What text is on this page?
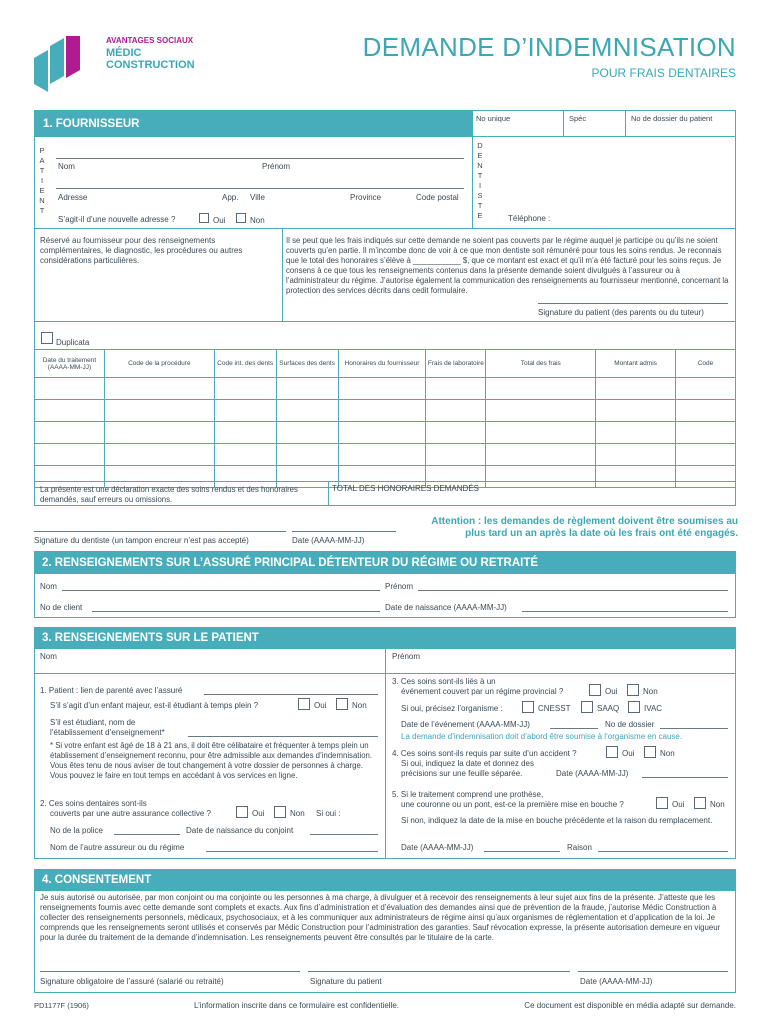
AVANTAGES SOCIAUX
MÉDIC
CONSTRUCTION
DEMANDE D’INDEMNISATION
POUR FRAIS DENTAIRES
1. FOURNISSEUR	No unique	Spéc	No de dossier du patient
P
A
T
I
E
N
T
Nom	Prénom
Adresse	App. Ville	Province	Code postal
S’agit-il d’une nouvelle adresse ?	Oui	Non
D
E
N
T
I
S
T
E	Téléphone :
Réservé au fournisseur pour des renseignements complémentaires, le diagnostic, les procédures ou autres considérations particulières.
Il se peut que les frais indiqués sur cette demande ne soient pas couverts par le régime auquel je participe ou qu’ils ne soient couverts qu’en partie. Il m’incombe donc de voir à ce que mon dentiste soit rémunéré pour tous les soins rendus. Je reconnais que le total des honoraires s’élève à ___________ $, que ce montant est exact et qu’il m’a été facturé pour les soins reçus. Je consens à ce que tous les renseignements contenus dans la présente demande soient divulgués à l’assureur ou à l’administrateur du régime. J’autorise également la communication des renseignements au fournisseur mentionné, concernant la protection des services décrits dans cedit formulaire.
Signature du patient (des parents ou du tuteur)
Duplicata
Date du traitement (AAAA-MM-JJ)	Code de la procédure	Code int. des dents	Surfaces des dents	Honoraires du fournisseur	Frais de laboratoire	Total des frais	Montant admis	Code

La présente est une déclaration exacte des soins rendus et des honoraires demandés, sauf erreurs ou omissions.
TOTAL DES HONORAIRES DEMANDÉS
Signature du dentiste (un tampon encreur n’est pas accepté)	Date (AAAA-MM-JJ)
Attention : les demandes de règlement doivent être soumises au plus tard un an après la date où les frais ont été engagés.
2. RENSEIGNEMENTS SUR L’ASSURÉ PRINCIPAL DÉTENTEUR DU RÉGIME OU RETRAITÉ
Nom	Prénom
No de client	Date de naissance (AAAA-MM-JJ)
3. RENSEIGNEMENTS SUR LE PATIENT
Nom	Prénom
1. Patient : lien de parenté avec l’assuré
S’il s’agit d’un enfant majeur, est-il étudiant à temps plein ?	Oui	Non
S’il est étudiant, nom de
l’établissement d’enseignement*
* Si votre enfant est âgé de 18 à 21 ans, il doit être célibataire et fréquenter à temps plein un établissement d’enseignement reconnu, pour être admissible aux demandes d’indemnisation. Vous êtes tenu de nous aviser de tout changement à votre dossier de personnes à charge. Vous pouvez le faire en tout temps en accédant à vos services en ligne.
2. Ces soins dentaires sont-ils
couverts par une autre assurance collective ?	Oui	Non Si oui :
No de la police	Date de naissance du conjoint
Nom de l’autre assureur ou du régime
3. Ces soins sont-ils liés à un
événement couvert par un régime provincial ?	Oui	Non
Si oui, précisez l’organisme :	CNESST	SAAQ	IVAC
Date de l’événement (AAAA-MM-JJ)	No de dossier
La demande d’indemnisation doit d’abord être soumise à l’organisme en cause.
4. Ces soins sont-ils requis par suite d’un accident ?	Oui	Non
Si oui, indiquez la date et donnez des
précisions sur une feuille séparée.	Date (AAAA-MM-JJ)
5. Si le traitement comprend une prothèse,
une couronne ou un pont, est-ce la première mise en bouche ?	Oui	Non
Si non, indiquez la date de la mise en bouche précédente et la raison du remplacement.
Date (AAAA-MM-JJ)	Raison
4. CONSENTEMENT
Je suis autorisé ou autorisée, par mon conjoint ou ma conjointe ou les personnes à ma charge, à divulguer et à recevoir des renseignements à leur sujet aux fins de la présente. J’atteste que les renseignements fournis avec cette demande sont complets et exacts. Aux fins d’administration et d’évaluation des demandes ainsi que de prévention de la fraude, j’autorise Médic Construction à collecter des renseignements personnels, médicaux, psychosociaux, et à les communiquer aux administrateurs de régime ainsi qu’aux organismes de réglementation et d’application de la loi. Je comprends que les renseignements seront utilisés et conservés par Médic Construction pour l’administration des garanties. Sauf révocation expresse, la présente autorisation demeure en vigueur pour la durée du traitement de la demande d’indemnisation. Les renseignements peuvent être consultés par le titulaire de la carte.
Signature obligatoire de l’assuré (salarié ou retraité)	Signature du patient	Date (AAAA-MM-JJ)
PD1177F (1906)	L’information inscrite dans ce formulaire est confidentielle.	Ce document est disponible en média adapté sur demande.
